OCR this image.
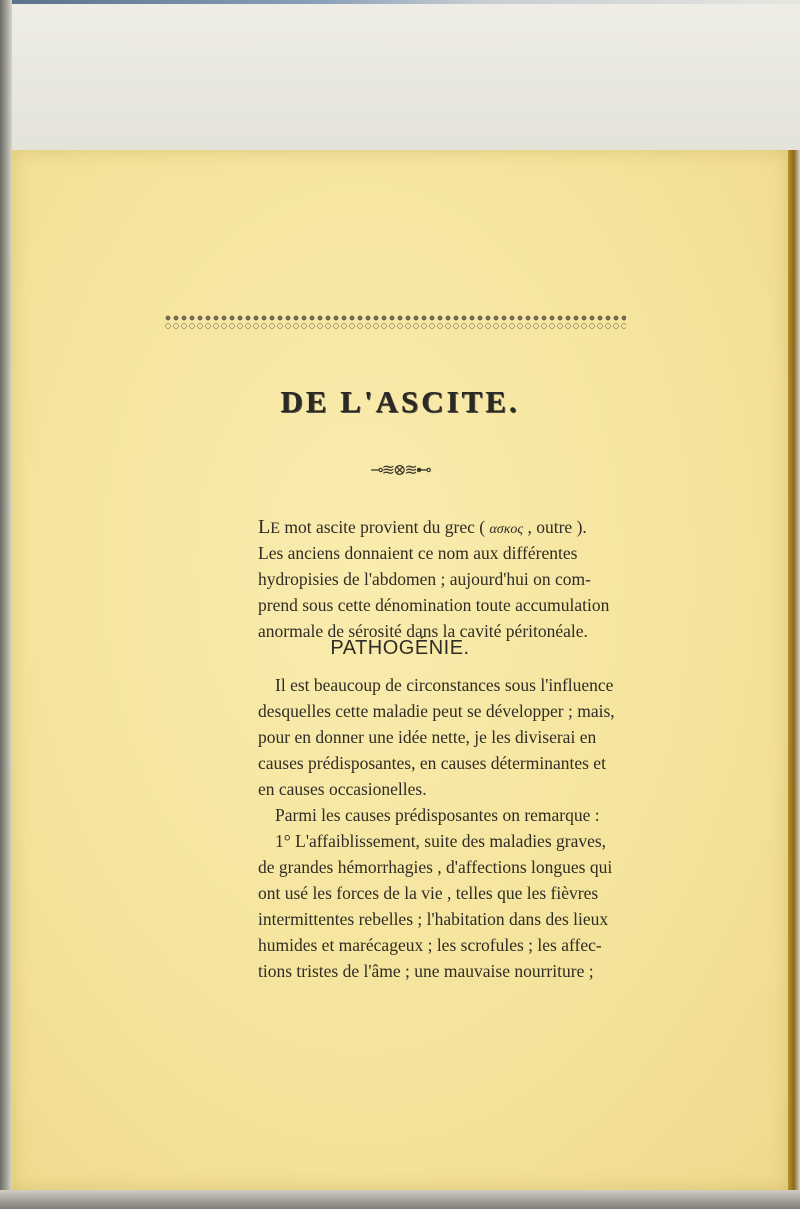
DE L'ASCITE.
⊸≋⊗≋⊷
LE mot ascite provient du grec ( ασκος , outre ).
Les anciens donnaient ce nom aux différentes
hydropisies de l'abdomen ; aujourd'hui on com-
prend sous cette dénomination toute accumulation
anormale de sérosité dans la cavité péritonéale.
PATHOGÉNIE.
Il est beaucoup de circonstances sous l'influence
desquelles cette maladie peut se développer ; mais,
pour en donner une idée nette, je les diviserai en
causes prédisposantes, en causes déterminantes et
en causes occasionelles.
Parmi les causes prédisposantes on remarque :
1° L'affaiblissement, suite des maladies graves,
de grandes hémorrhagies , d'affections longues qui
ont usé les forces de la vie , telles que les fièvres
intermittentes rebelles ; l'habitation dans des lieux
humides et marécageux ; les scrofules ; les affec-
tions tristes de l'âme ; une mauvaise nourriture ;
